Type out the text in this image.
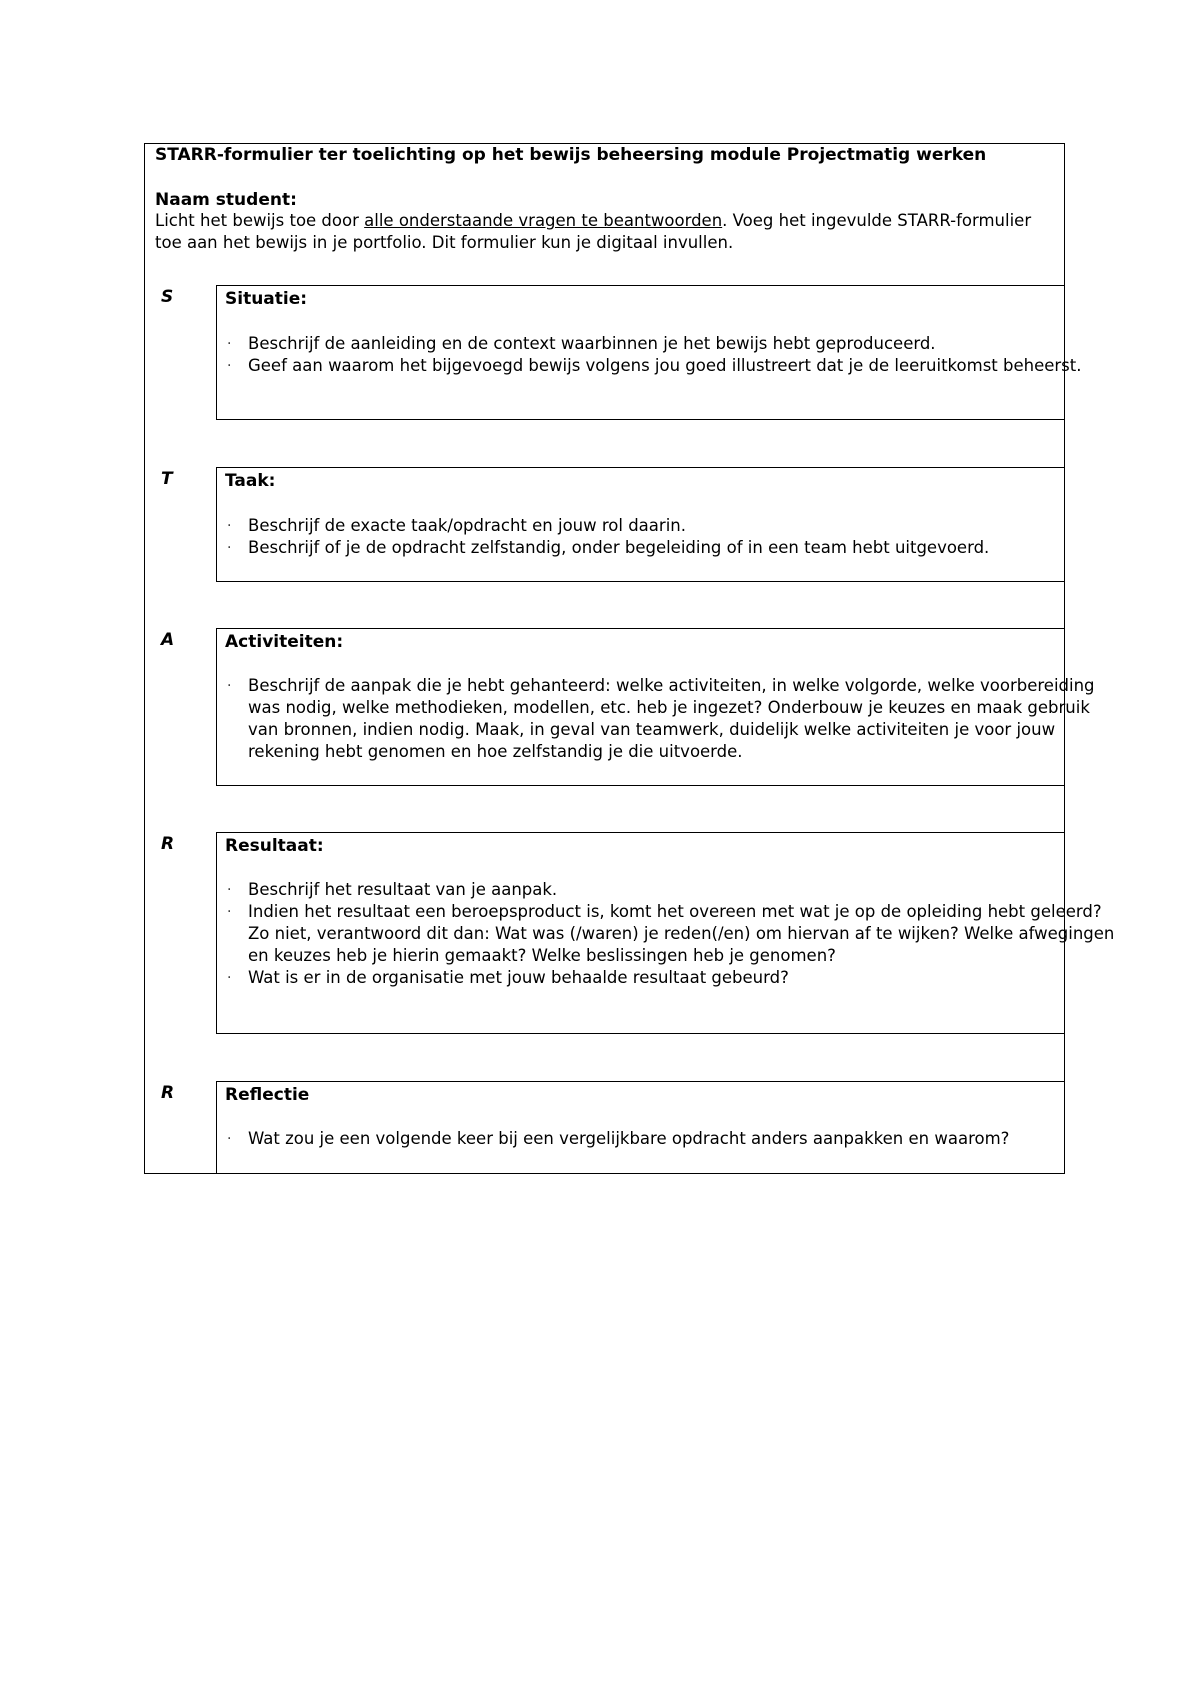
STARR-formulier ter toelichting op het bewijs beheersing module Projectmatig werken
Naam student:
Licht het bewijs toe door alle onderstaande vragen te beantwoorden. Voeg het ingevulde STARR-formulier toe aan het bewijs in je portfolio. Dit formulier kun je digitaal invullen.
S	Situatie:
· Beschrijf de aanleiding en de context waarbinnen je het bewijs hebt geproduceerd.
· Geef aan waarom het bijgevoegd bewijs volgens jou goed illustreert dat je de leeruitkomst beheerst.
T	Taak:
· Beschrijf de exacte taak/opdracht en jouw rol daarin.
· Beschrijf of je de opdracht zelfstandig, onder begeleiding of in een team hebt uitgevoerd.
A	Activiteiten:
· Beschrijf de aanpak die je hebt gehanteerd: welke activiteiten, in welke volgorde, welke voorbereiding was nodig, welke methodieken, modellen, etc. heb je ingezet? Onderbouw je keuzes en maak gebruik van bronnen, indien nodig. Maak, in geval van teamwerk, duidelijk welke activiteiten je voor jouw rekening hebt genomen en hoe zelfstandig je die uitvoerde.
R	Resultaat:
· Beschrijf het resultaat van je aanpak.
· Indien het resultaat een beroepsproduct is, komt het overeen met wat je op de opleiding hebt geleerd? Zo niet, verantwoord dit dan: Wat was (/waren) je reden(/en) om hiervan af te wijken? Welke afwegingen en keuzes heb je hierin gemaakt? Welke beslissingen heb je genomen?
· Wat is er in de organisatie met jouw behaalde resultaat gebeurd?
R	Reflectie
· Wat zou je een volgende keer bij een vergelijkbare opdracht anders aanpakken en waarom?
